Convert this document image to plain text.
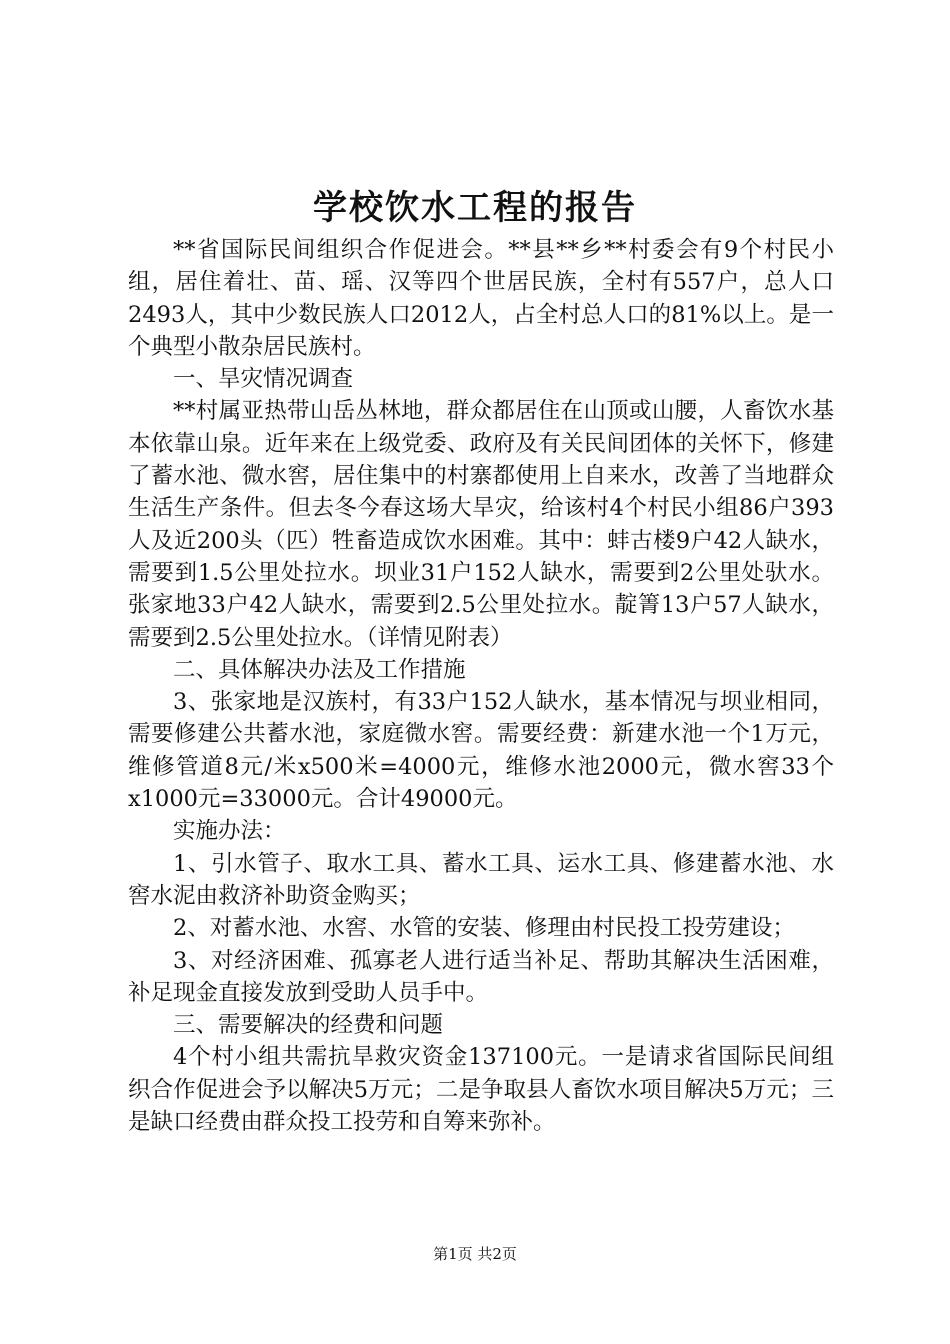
学校饮水工程的报告

**省国际民间组织合作促进会。**县**乡**村委会有9个村民小组，居住着壮、苗、瑶、汉等四个世居民族，全村有557户，总人口2493人，其中少数民族人口2012人，占全村总人口的81%以上。是一个典型小散杂居民族村。

一、旱灾情况调查

**村属亚热带山岳丛林地，群众都居住在山顶或山腰，人畜饮水基本依靠山泉。近年来在上级党委、政府及有关民间团体的关怀下，修建了蓄水池、微水窖，居住集中的村寨都使用上自来水，改善了当地群众生活生产条件。但去冬今春这场大旱灾，给该村4个村民小组86户393人及近200头（匹）牲畜造成饮水困难。其中：蚌古楼9户42人缺水，需要到1.5公里处拉水。坝业31户152人缺水，需要到2公里处驮水。张家地33户42人缺水，需要到2.5公里处拉水。靛箐13户57人缺水，需要到2.5公里处拉水。（详情见附表）

二、具体解决办法及工作措施

3、张家地是汉族村，有33户152人缺水，基本情况与坝业相同，需要修建公共蓄水池，家庭微水窖。需要经费：新建水池一个1万元，维修管道8元/米x500米=4000元，维修水池2000元，微水窖33个x1000元=33000元。合计49000元。

实施办法：

1、引水管子、取水工具、蓄水工具、运水工具、修建蓄水池、水窖水泥由救济补助资金购买；

2、对蓄水池、水窖、水管的安装、修理由村民投工投劳建设；

3、对经济困难、孤寡老人进行适当补足、帮助其解决生活困难，补足现金直接发放到受助人员手中。

三、需要解决的经费和问题

4个村小组共需抗旱救灾资金137100元。一是请求省国际民间组织合作促进会予以解决5万元；二是争取县人畜饮水项目解决5万元；三是缺口经费由群众投工投劳和自筹来弥补。

第1页 共2页
